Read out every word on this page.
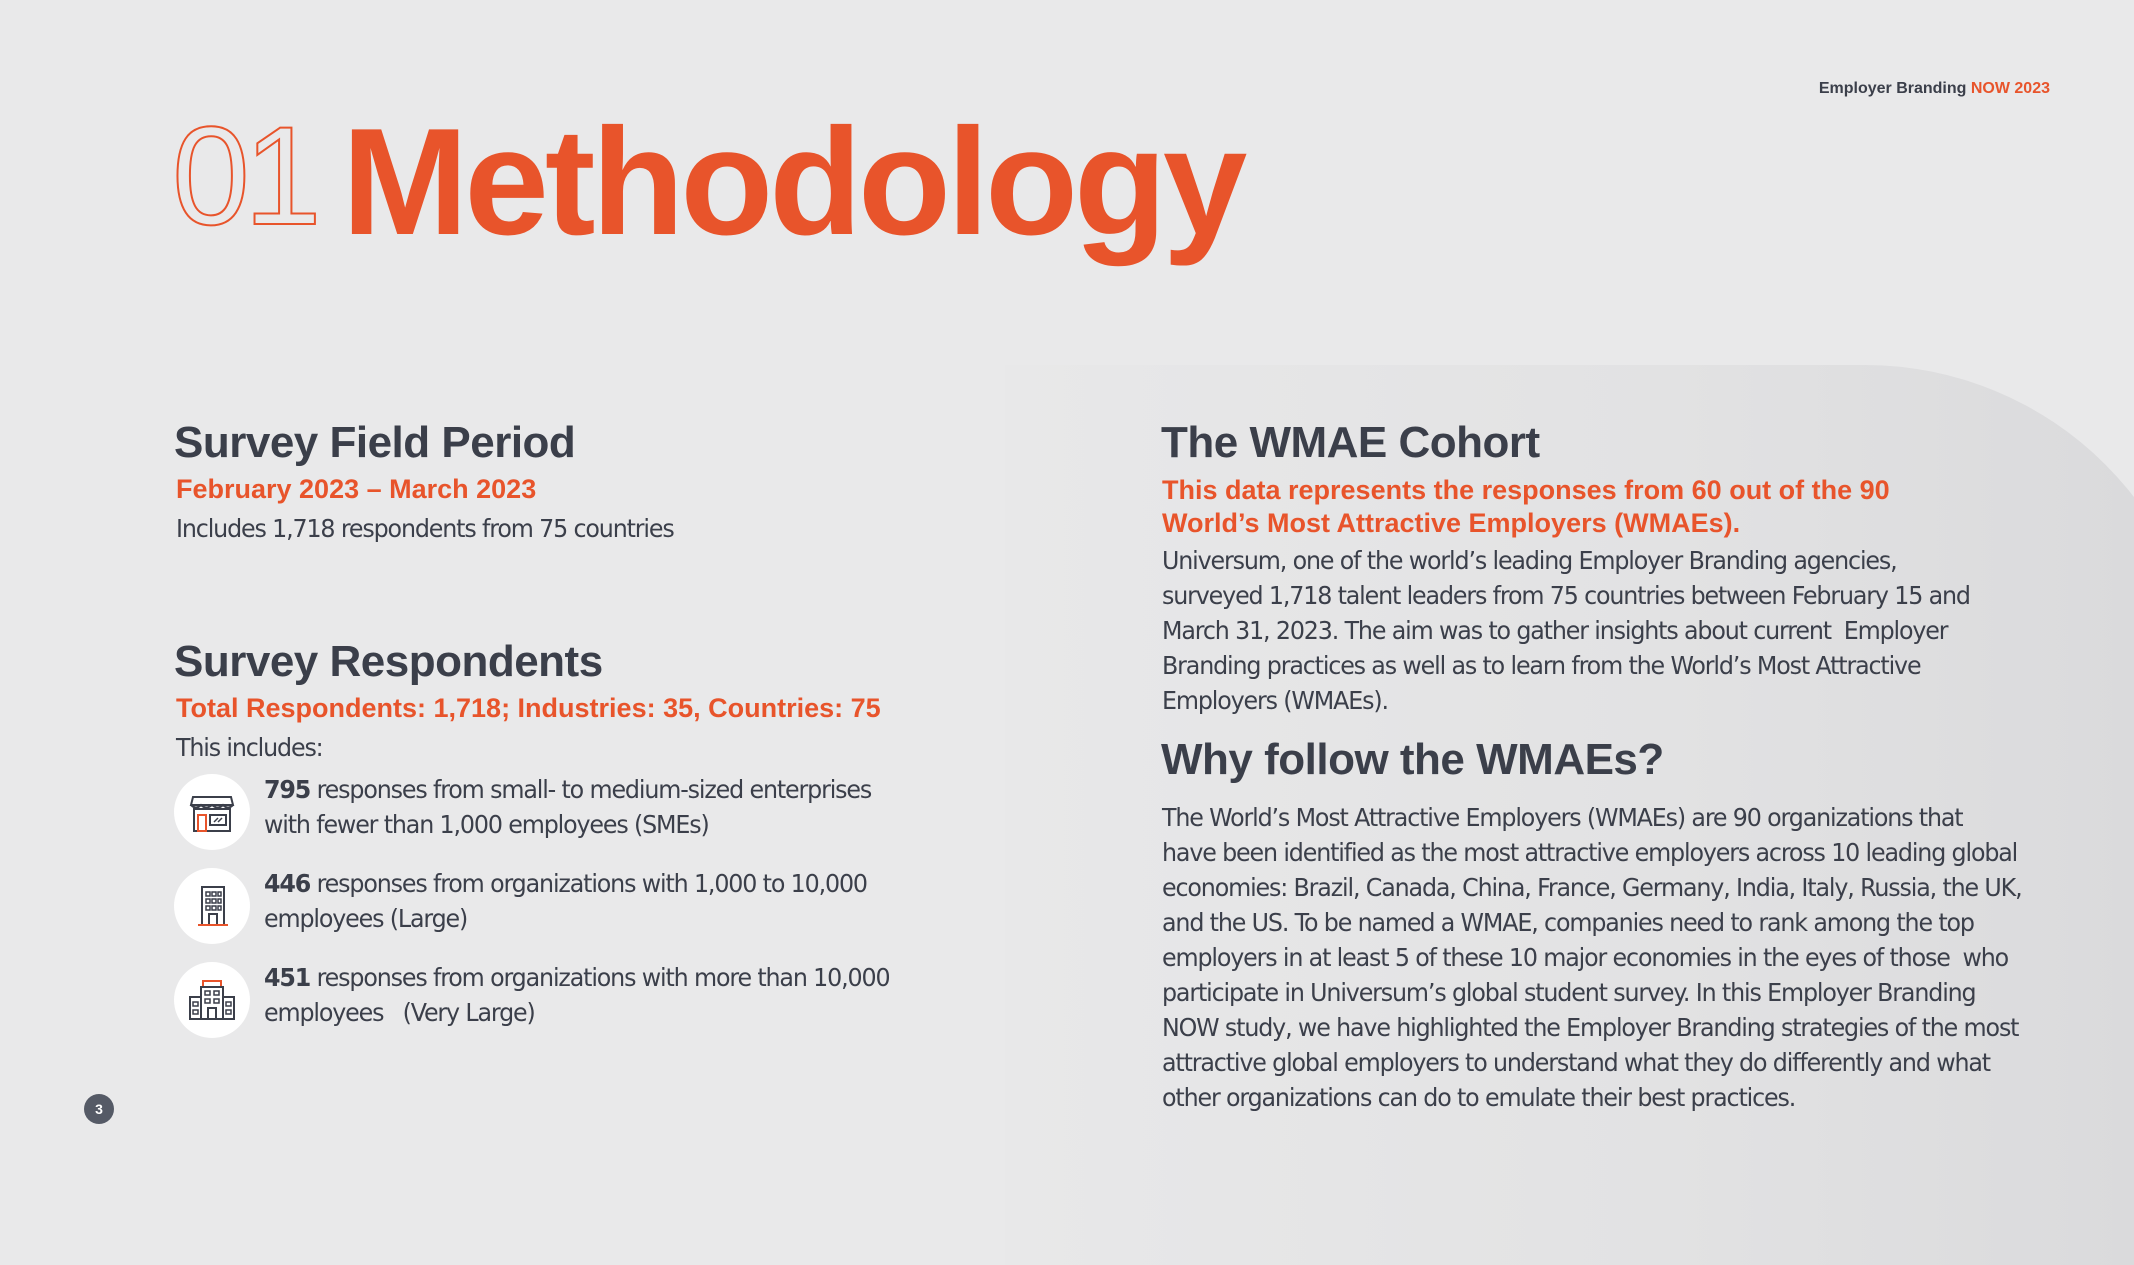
Employer Branding NOW 2023
01 Methodology
Survey Field Period
February 2023 – March 2023
Includes 1,718 respondents from 75 countries
Survey Respondents
Total Respondents: 1,718; Industries: 35, Countries: 75
This includes:
795 responses from small- to medium-sized enterprises
with fewer than 1,000 employees (SMEs)
446 responses from organizations with 1,000 to 10,000
employees (Large)
451 responses from organizations with more than 10,000
employees   (Very Large)
The WMAE Cohort
This data represents the responses from 60 out of the 90
World’s Most Attractive Employers (WMAEs).
Universum, one of the world’s leading Employer Branding agencies,
surveyed 1,718 talent leaders from 75 countries between February 15 and
March 31, 2023. The aim was to gather insights about current  Employer
Branding practices as well as to learn from the World’s Most Attractive
Employers (WMAEs).
Why follow the WMAEs?
The World’s Most Attractive Employers (WMAEs) are 90 organizations that
have been identified as the most attractive employers across 10 leading global
economies: Brazil, Canada, China, France, Germany, India, Italy, Russia, the UK,
and the US. To be named a WMAE, companies need to rank among the top
employers in at least 5 of these 10 major economies in the eyes of those  who
participate in Universum’s global student survey. In this Employer Branding
NOW study, we have highlighted the Employer Branding strategies of the most
attractive global employers to understand what they do differently and what
other organizations can do to emulate their best practices.
3
